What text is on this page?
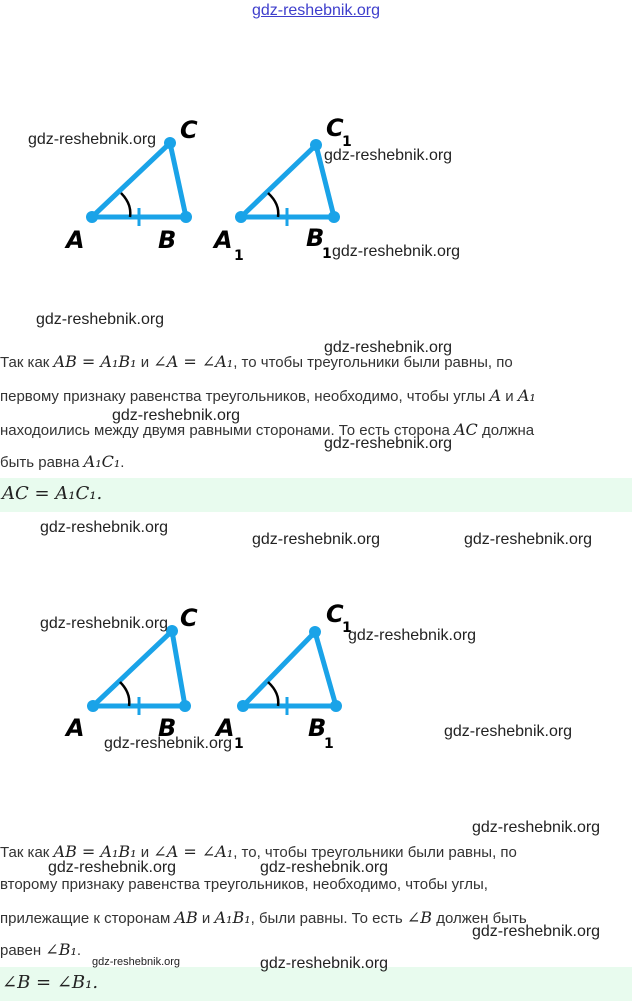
gdz-reshebnik.org
A	B
C
A
1
B
1
C
1
Так как AB = A₁B₁ и ∠A = ∠A₁, то чтобы треугольники были равны, по
первому признаку равенства треугольников, необходимо, чтобы углы A и A₁
находоились между двумя равными сторонами. То есть сторона AC должна
быть равна A₁C₁.
AC = A₁C₁.
A	B
C
A
1
B
1
C
1
Так как AB = A₁B₁ и ∠A = ∠A₁, то, чтобы треугольники были равны, по
второму признаку равенства треугольников, необходимо, чтобы углы,
прилежащие к сторонам AB и A₁B₁, были равны. То есть ∠B должен быть
равен ∠B₁.
∠B = ∠B₁.
gdz-reshebnik.org
gdz-reshebnik.org
gdz-reshebnik.org
gdz-reshebnik.org
gdz-reshebnik.org
gdz-reshebnik.org
gdz-reshebnik.org
gdz-reshebnik.org
gdz-reshebnik.org	gdz-reshebnik.org
gdz-reshebnik.org
gdz-reshebnik.org
gdz-reshebnik.org
gdz-reshebnik.org
gdz-reshebnik.org
gdz-reshebnik.org	gdz-reshebnik.org
gdz-reshebnik.org
gdz-reshebnik.org	gdz-reshebnik.org
